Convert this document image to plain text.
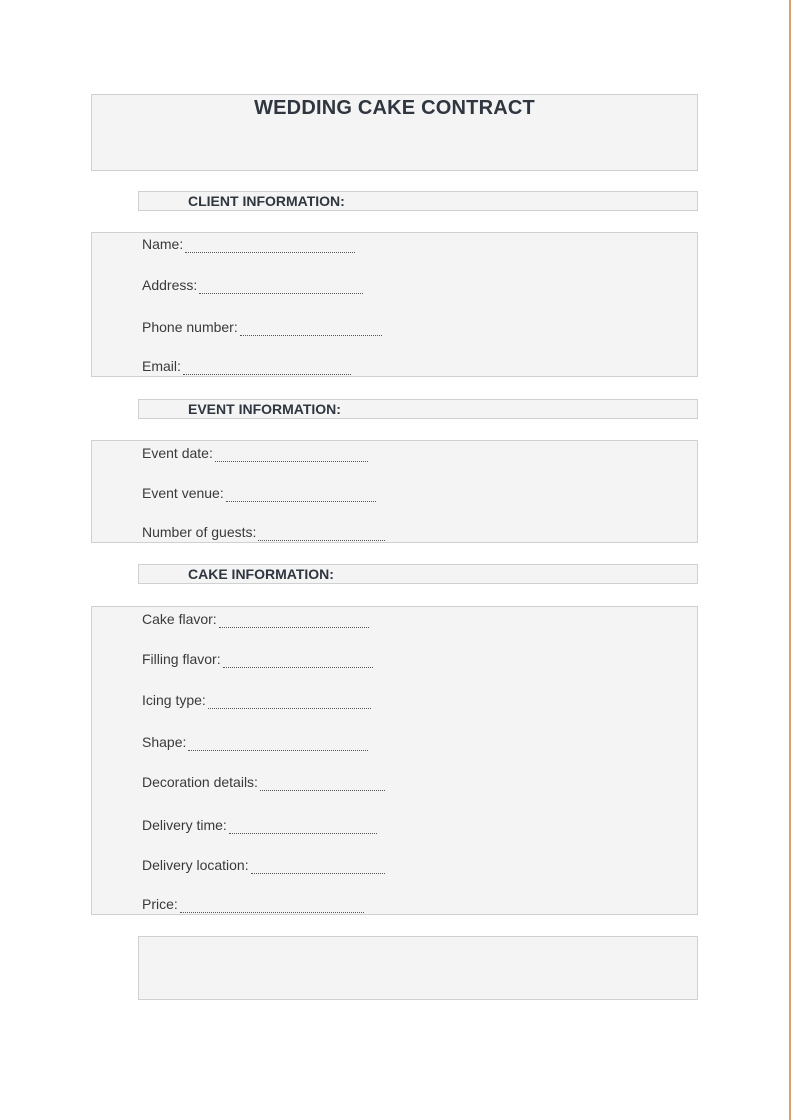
WEDDING CAKE CONTRACT
CLIENT INFORMATION:
Name:
Address:
Phone number:
Email:
EVENT INFORMATION:
Event date:
Event venue:
Number of guests:
CAKE INFORMATION:
Cake flavor:
Filling flavor:
Icing type:
Shape:
Decoration details:
Delivery time:
Delivery location:
Price:
